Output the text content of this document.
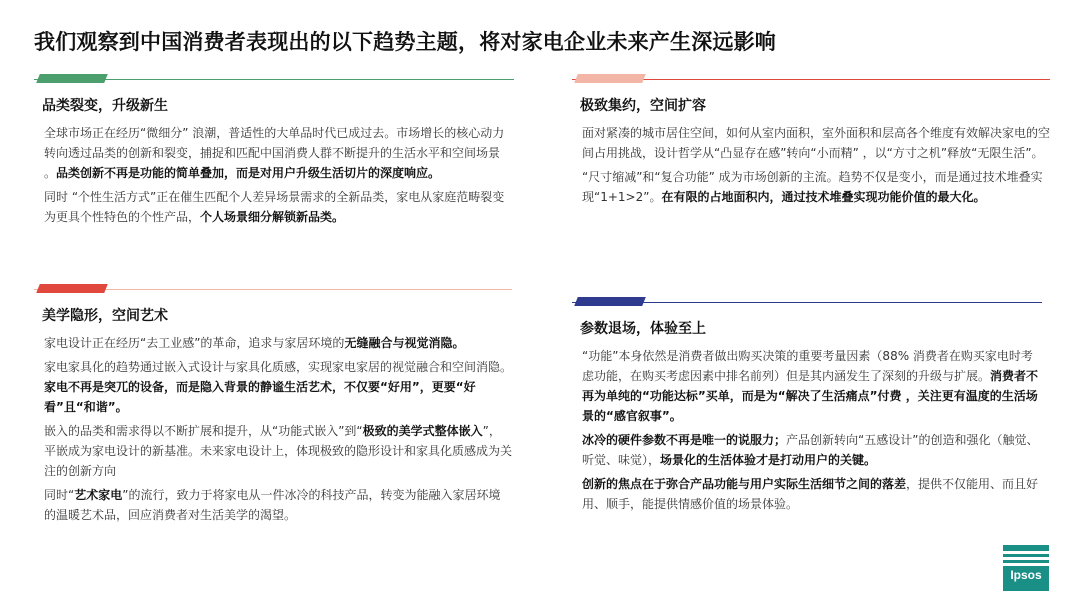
我们观察到中国消费者表现出的以下趋势主题，将对家电企业未来产生深远影响
品类裂变，升级新生
全球市场正在经历“微细分” 浪潮，普适性的大单品时代已成过去。市场增长的核心动力转向透过品类的创新和裂变，捕捉和匹配中国消费人群不断提升的生活水平和空间场景 。品类创新不再是功能的简单叠加，而是对用户升级生活切片的深度响应。
同时 “个性生活方式”正在催生匹配个人差异场景需求的全新品类，家电从家庭范畴裂变为更具个性特色的个性产品，个人场景细分解锁新品类。
美学隐形，空间艺术
家电设计正在经历“去工业感”的革命，追求与家居环境的无缝融合与视觉消隐。
家电家具化的趋势通过嵌入式设计与家具化质感，实现家电家居的视觉融合和空间消隐。家电不再是突兀的设备，而是隐入背景的静谧生活艺术，不仅要“好用”，更要“好看”且“和谐”。
嵌入的品类和需求得以不断扩展和提升，从“功能式嵌入”到“极致的美学式整体嵌入”，平嵌成为家电设计的新基准。未来家电设计上，体现极致的隐形设计和家具化质感成为关注的创新方向
同时“艺术家电”的流行，致力于将家电从一件冰冷的科技产品，转变为能融入家居环境的温暖艺术品，回应消费者对生活美学的渴望。
极致集约，空间扩容
面对紧凑的城市居住空间，如何从室内面积，室外面积和层高各个维度有效解决家电的空间占用挑战，设计哲学从“凸显存在感”转向“小而精” ，以“方寸之机”释放“无限生活”。
“尺寸缩减”和“复合功能” 成为市场创新的主流。趋势不仅是变小，而是通过技术堆叠实现“1+1>2”。在有限的占地面积内，通过技术堆叠实现功能价值的最大化。
参数退场，体验至上
“功能”本身依然是消费者做出购买决策的重要考量因素（88% 消费者在购买家电时考虑功能，在购买考虑因素中排名前列）但是其内涵发生了深刻的升级与扩展。消费者不再为单纯的“功能达标”买单，而是为“解决了生活痛点”付费 ，关注更有温度的生活场景的“感官叙事”。
冰冷的硬件参数不再是唯一的说服力；产品创新转向“五感设计”的创造和强化（触觉、听觉、味觉），场景化的生活体验才是打动用户的关键。
创新的焦点在于弥合产品功能与用户实际生活细节之间的落差，提供不仅能用、而且好用、顺手，能提供情感价值的场景体验。
Ipsos
